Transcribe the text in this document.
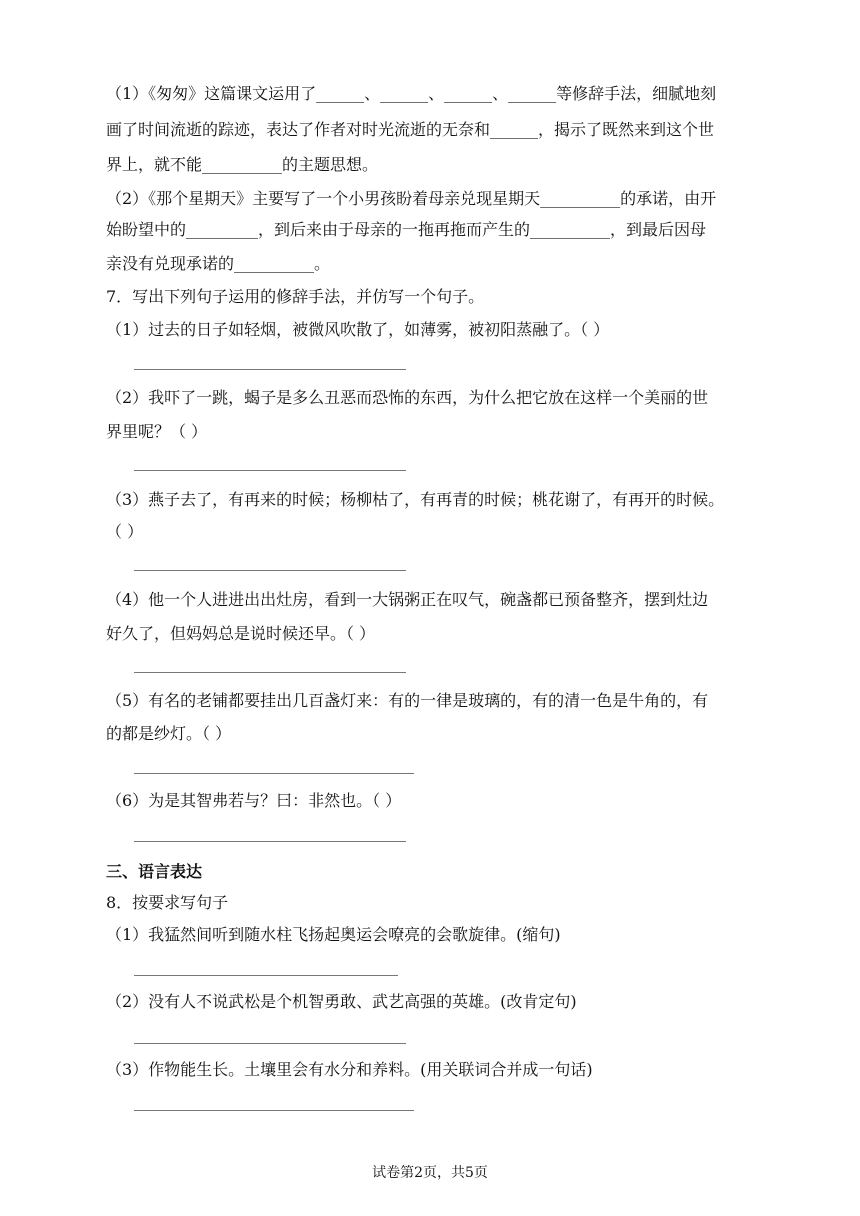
（1）《匆匆》这篇课文运用了______、______、______、______等修辞手法，细腻地刻
画了时间流逝的踪迹，表达了作者对时光流逝的无奈和______，揭示了既然来到这个世
界上，就不能__________的主题思想。
（2）《那个星期天》主要写了一个小男孩盼着母亲兑现星期天__________的承诺，由开
始盼望中的_________，到后来由于母亲的一拖再拖而产生的__________，到最后因母
亲没有兑现承诺的__________。
7．写出下列句子运用的修辞手法，并仿写一个句子。
（1）过去的日子如轻烟，被微风吹散了，如薄雾，被初阳蒸融了。（ ）
（2）我吓了一跳，蝎子是多么丑恶而恐怖的东西，为什么把它放在这样一个美丽的世
界里呢？（ ）
（3）燕子去了，有再来的时候；杨柳枯了，有再青的时候；桃花谢了，有再开的时候。
（ ）
（4）他一个人进进出出灶房，看到一大锅粥正在叹气，碗盏都已预备整齐，摆到灶边
好久了，但妈妈总是说时候还早。（ ）
（5）有名的老铺都要挂出几百盏灯来：有的一律是玻璃的，有的清一色是牛角的，有
的都是纱灯。（ ）
（6）为是其智弗若与？曰：非然也。（ ）
三、语言表达
8．按要求写句子
（1）我猛然间听到随水柱飞扬起奥运会嘹亮的会歌旋律。(缩句)
（2）没有人不说武松是个机智勇敢、武艺高强的英雄。(改肯定句)
（3）作物能生长。土壤里会有水分和养料。(用关联词合并成一句话)
试卷第2页，共5页
